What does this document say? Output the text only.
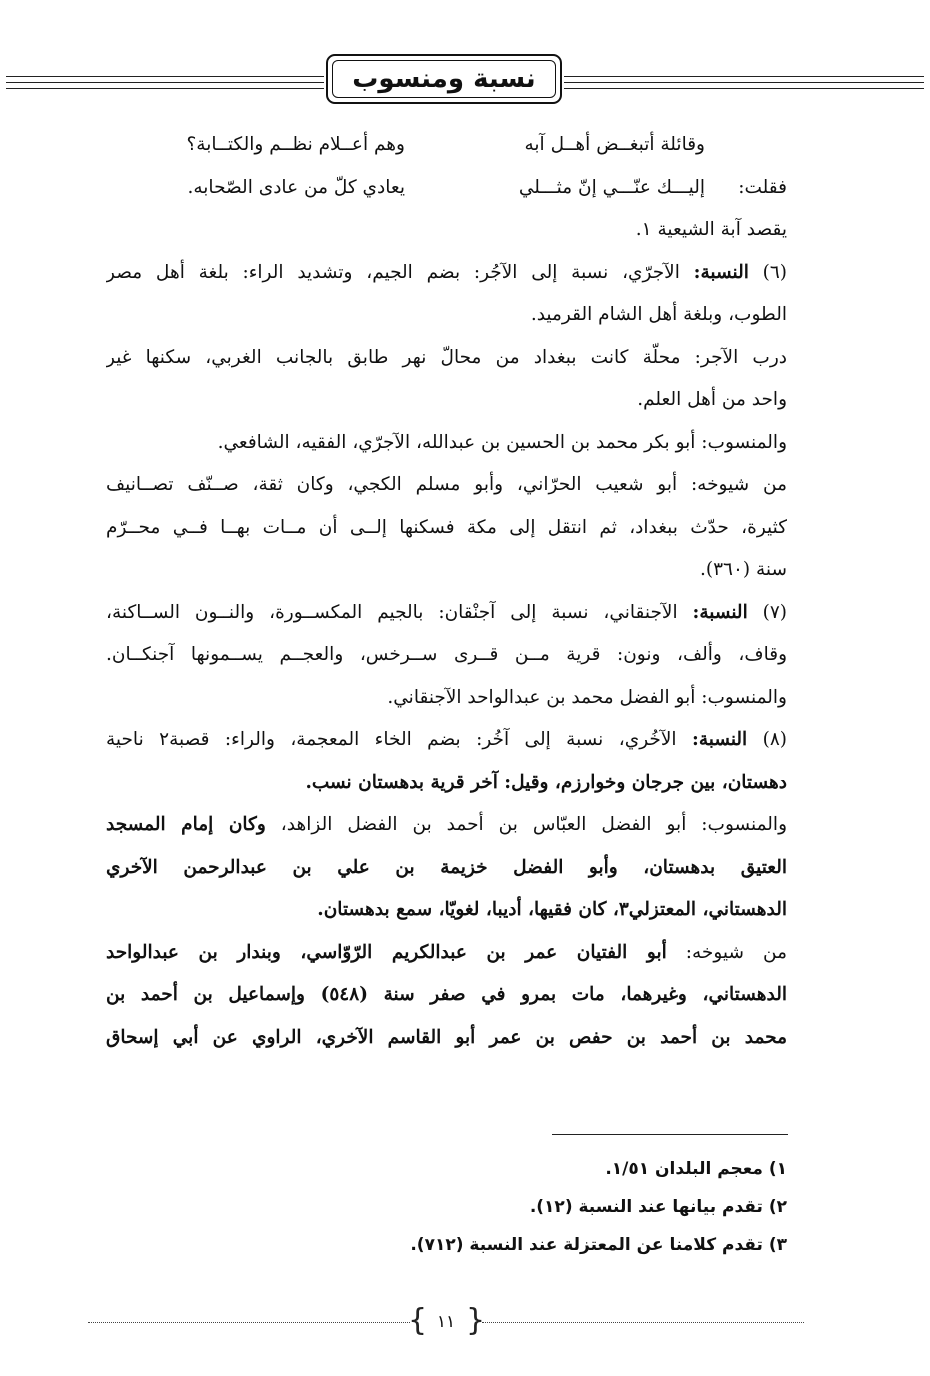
نسبة ومنسوب
وقائلة أتبغــض أهــل آبه
وهم أعــلام نظــم والكتــابة؟
فقلت:
إليـــك عنّـــي إنّ مثـــلي
يعادي كلّ من عادى الصّحابه.
يقصد آبة الشيعية ١.
(٦) النسبة: الآجرّي، نسبة إلى الآجُر: بضم الجيم، وتشديد الراء: بلغة أهل مصر
الطوب، وبلغة أهل الشام القرميد.
درب الآجر: محلّة كانت ببغداد من محالّ نهر طابق بالجانب الغربي، سكنها غير
واحد من أهل العلم.
والمنسوب: أبو بكر محمد بن الحسين بن عبدالله، الآجرّي، الفقيه، الشافعي.
من شيوخه: أبو شعيب الحرّاني، وأبو مسلم الكجي، وكان ثقة، صــنّف تصــانيف
كثيرة، حدّث ببغداد، ثم انتقل إلى مكة فسكنها إلــى أن مــات بهــا فــي محــرّم
سنة (٣٦٠).
(٧) النسبة: الآجنقاني، نسبة إلى آجنْقان: بالجيم المكســورة، والنــون الســاكنة،
وقاف، وألف، ونون: قرية مــن قــرى ســرخس، والعجــم يســمونها آجنكــان.
والمنسوب: أبو الفضل محمد بن عبدالواحد الآجنقاني.
(٨) النسبة: الآخُري، نسبة إلى آخُر: بضم الخاء المعجمة، والراء: قصبة٢ ناحية
دهستان، بين جرجان وخوارزم، وقيل: آخر قرية بدهستان نسب.
والمنسوب: أبو الفضل العبّاس بن أحمد بن الفضل الزاهد، وكان إمام المسجد
العتيق بدهستان، وأبو الفضل خزيمة بن علي بن عبدالرحمن الآخري
الدهستاني، المعتزلي٣، كان فقيها، أديبا، لغويّا، سمع بدهستان.
من شيوخه: أبو الفتيان عمر بن عبدالكريم الرّوّاسي، وبندار بن عبدالواحد
الدهستاني، وغيرهما، مات بمرو في صفر سنة (٥٤٨) وإسماعيل بن أحمد بن
محمد بن أحمد بن حفص بن عمر أبو القاسم الآخري، الراوي عن أبي إسحاق
١) معجم البلدان ١/٥١.
٢) تقدم بيانها عند النسبة (١٢).
٣) تقدم كلامنا عن المعتزلة عند النسبة (٧١٢).
{ }
١١
